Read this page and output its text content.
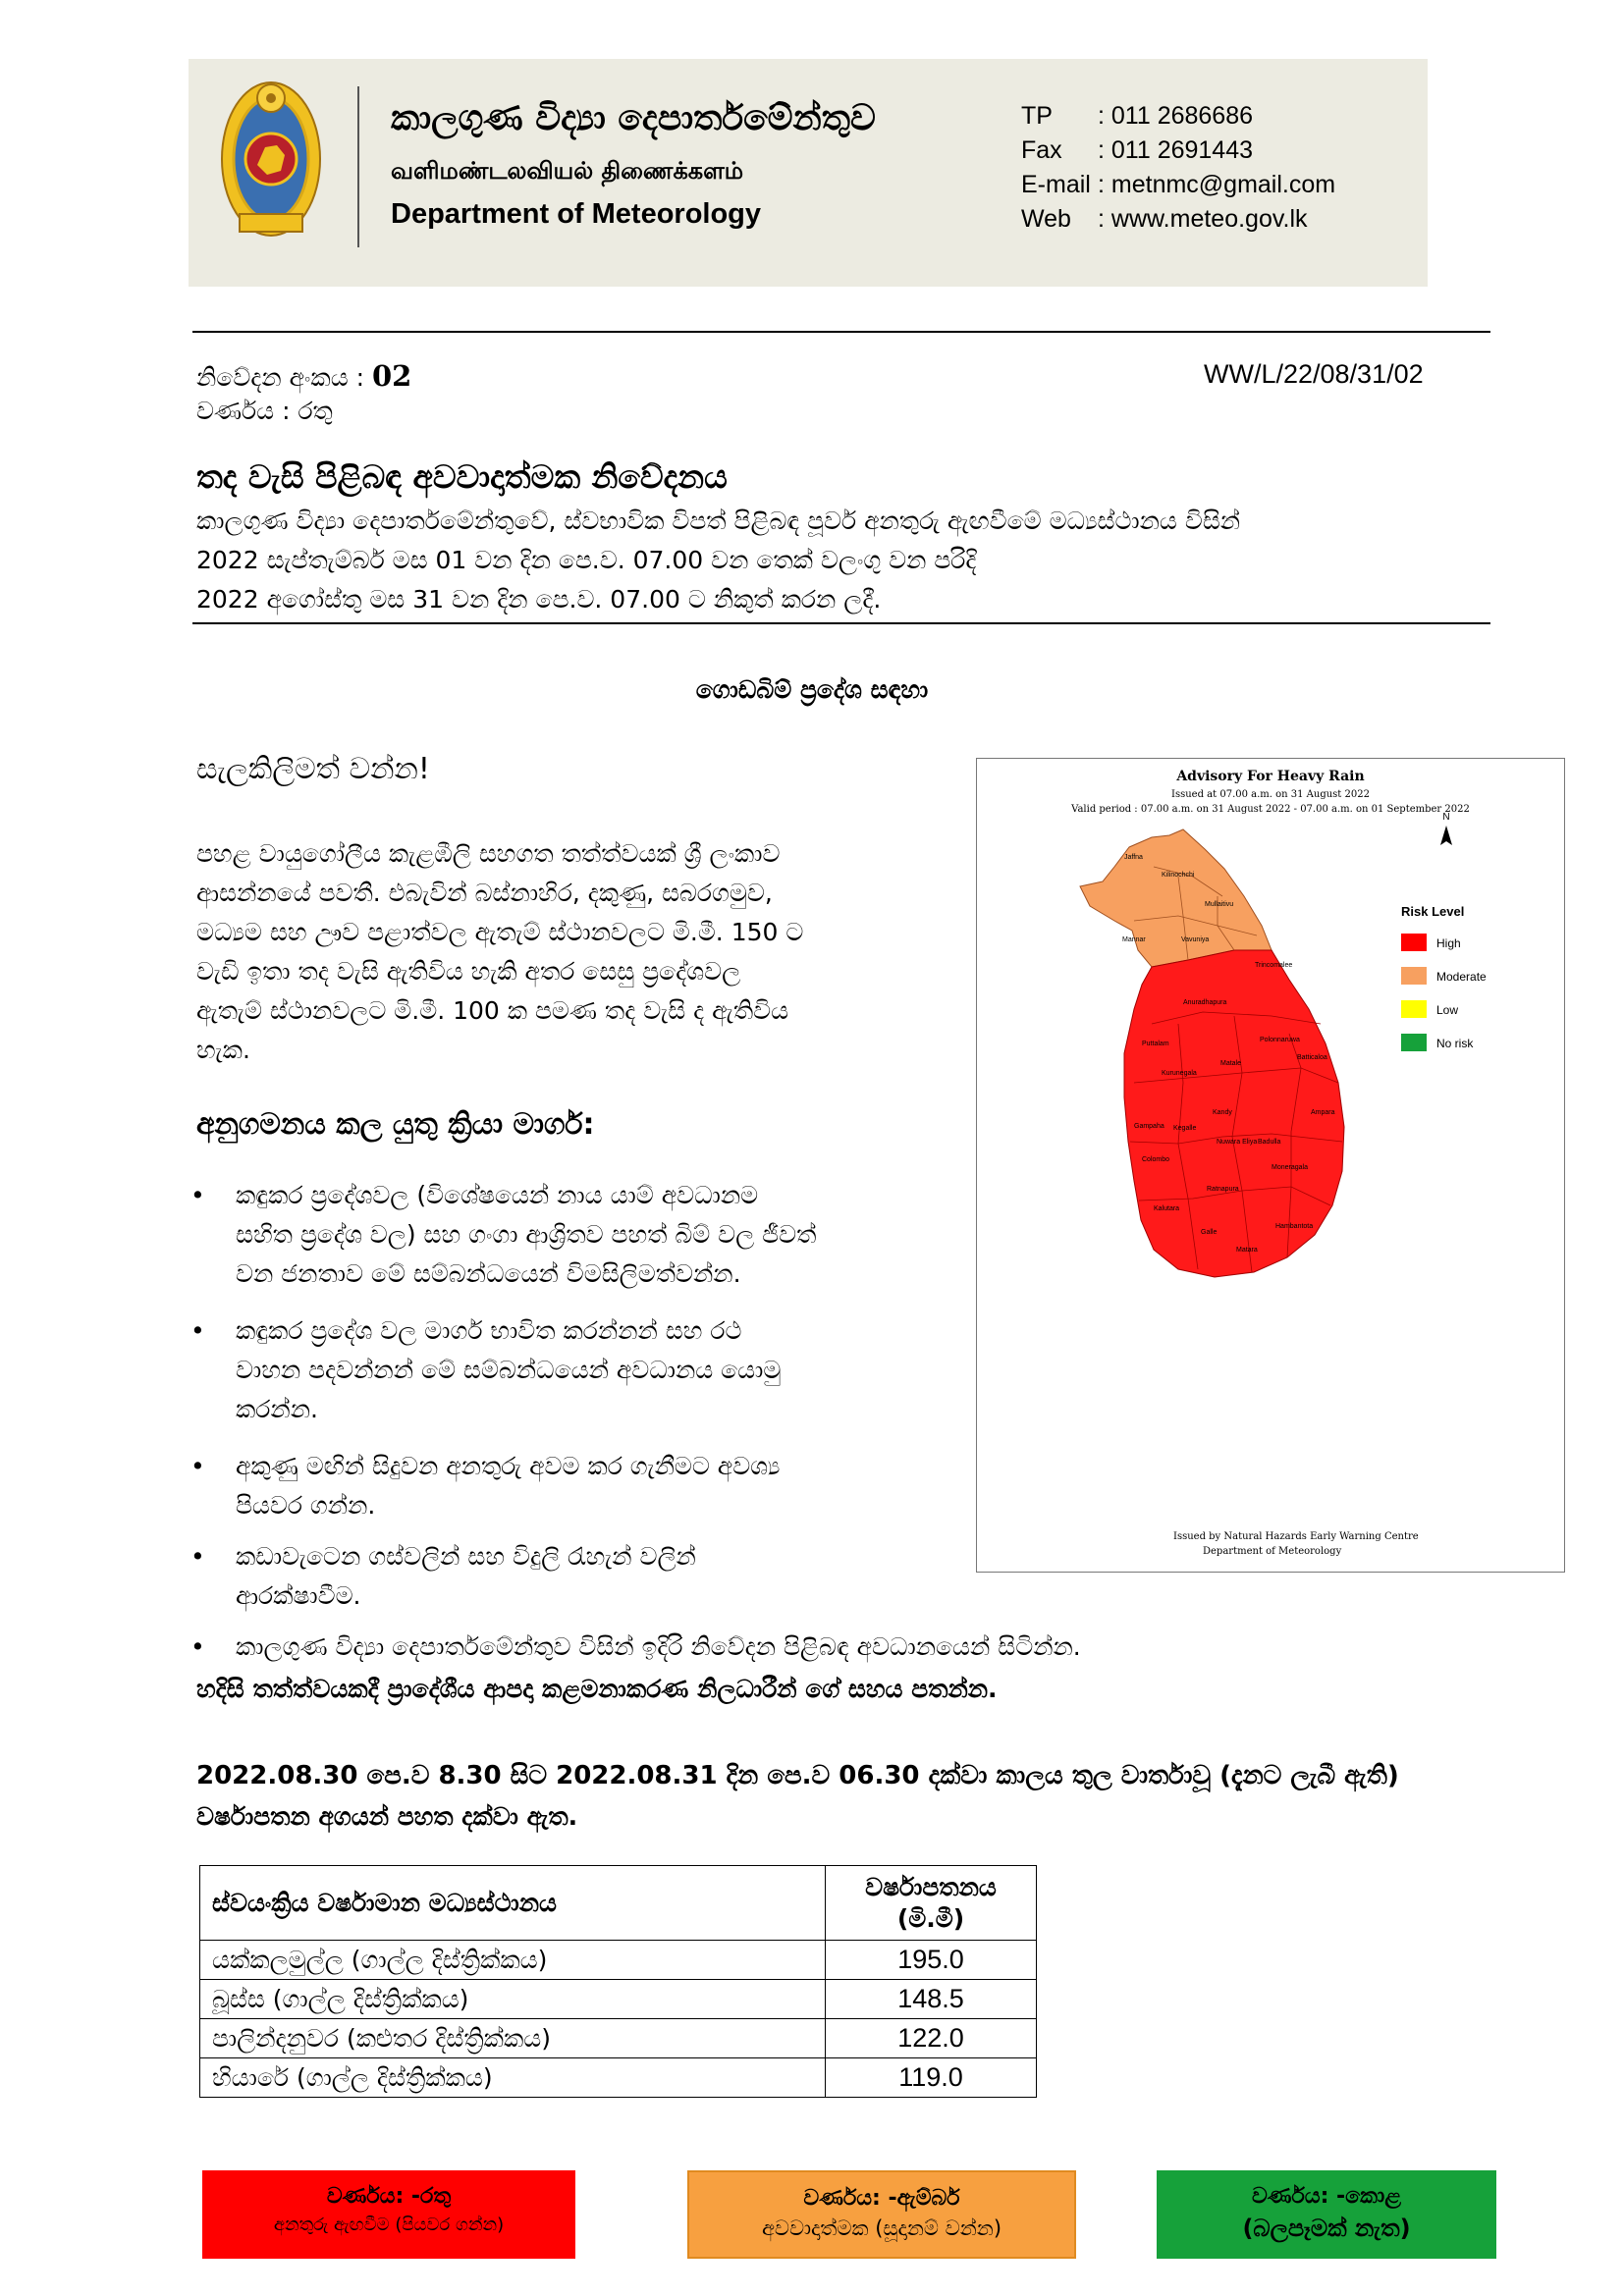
කාලගුණ විද්‍යා දෙපාර්තමේන්තුව
வளிமண்டலவியல் திணைக்களம்
Department of Meteorology
TP : 011 2686686
Fax : 011 2691443
E-mail : metnmc@gmail.com
Web : www.meteo.gov.lk
නිවේදන අංකය : 02	WW/L/22/08/31/02
වර්ණය : රතු
තද වැසි පිළිබඳ අවවාදාත්මක නිවේදනය
කාලගුණ විද්‍යා දෙපාර්තමේන්තුවේ, ස්වභාවික විපත් පිළිබඳ පූර්ව අනතුරු ඇඟවීමේ මධ්‍යස්ථානය විසින්
2022 සැප්තැම්බර් මස 01 වන දින පෙ.ව. 07.00 වන තෙක් වලංගු වන පරිදි
2022 අගෝස්තු මස 31 වන දින පෙ.ව. 07.00 ට නිකුත් කරන ලදී.
ගොඩබිම් ප්‍රදේශ සඳහා
සැලකිලිමත් වන්න!
පහළ වායුගෝලීය කැළඹීලි සහගත තත්ත්වයක් ශ්‍රී ලංකාව
ආසන්නයේ පවතී. එබැවින් බස්නාහිර, දකුණු, සබරගමුව,
මධ්‍යම සහ ඌව පළාත්වල ඇතැම් ස්ථානවලට මි.මී. 150 ට
වැඩි ඉතා තද වැසි ඇතිවිය හැකි අතර සෙසු ප්‍රදේශවල
ඇතැම් ස්ථානවලට මි.මී. 100 ක පමණ තද වැසි ද ඇතිවිය
හැක.
අනුගමනය කල යුතු ක්‍රියා මාර්ග:
• කඳුකර ප්‍රදේශවල (විශේෂයෙන් නාය යාම් අවධානම
සහිත ප්‍රදේශ වල) සහ ගංගා ආශ්‍රිතව පහත් බිම් වල ජීවත්
වන ජනතාව මේ සම්බන්ධයෙන් විමසිලිමත්වන්න.
• කඳුකර ප්‍රදේශ වල මාර්ග භාවිත කරන්නන් සහ රථ
වාහන පදවන්නන් මේ සම්බන්ධයෙන් අවධානය යොමු
කරන්න.
• අකුණු මඟින් සිදුවන අනතුරු අවම කර ගැනීමට අවශ්‍ය
පියවර ගන්න.
• කඩාවැටෙන ගස්වලින් සහ විදුලි රැහැන් වලින්
ආරක්ෂාවීම.
• කාලගුණ විද්‍යා දෙපාර්තමේන්තුව විසින් ඉදිරි නිවේදන පිළිබඳ අවධානයෙන් සිටින්න.
හදිසි තත්ත්වයකදී ප්‍රාදේශීය ආපදා කළමනාකරණ නිලධාරීන් ගේ සහය පතන්න.
Advisory For Heavy Rain
Issued at 07.00 a.m. on 31 August 2022
Valid period : 07.00 a.m. on 31 August 2022 - 07.00 a.m. on 01 September 2022
N
Jaffna
Kilinochchi
Mullaitivu
Mannar	Vavuniya
Trincomalee
Anuradhapura
Puttalam
Polonnaruwa
Kurunegala
Matale
Batticaloa
Gampaha
Kandy	Ampara
Colombo
Nuwara Eliya Badulla
Kalutara
Ratnapura
Moneragala
Galle
Matara
Hambantota
Kegalle
Risk Level
High
Moderate
Low
No risk
Issued by Natural Hazards Early Warning Centre
Department of Meteorology
2022.08.30 පෙ.ව 8.30 සිට 2022.08.31 දින පෙ.ව 06.30 දක්වා කාලය තුල වාර්තාවූ (දැනට ලැබී ඇති)
වර්ෂාපතන අගයන් පහත දක්වා ඇත.
ස්වයංක්‍රිය වර්ෂාමාන මධ්‍යස්ථානය	වර්ෂාපතනය
(මි.මී)

යක්කලමුල්ල (ගාල්ල දිස්ත්‍රික්කය)	195.0
බූස්ස (ගාල්ල දිස්ත්‍රික්කය)	148.5
පාලින්දනුවර (කළුතර දිස්ත්‍රික්කය)	122.0
හියාරේ (ගාල්ල දිස්ත්‍රික්කය)	119.0
වර්ණය: -රතු
අනතුරු ඇඟවීම (පියවර ගන්න)
වර්ණය: -ඇම්බර්
අවවාදාත්මක (සූදානම් වන්න)
වර්ණය: -කොළ
(බලපෑමක් නැත)
